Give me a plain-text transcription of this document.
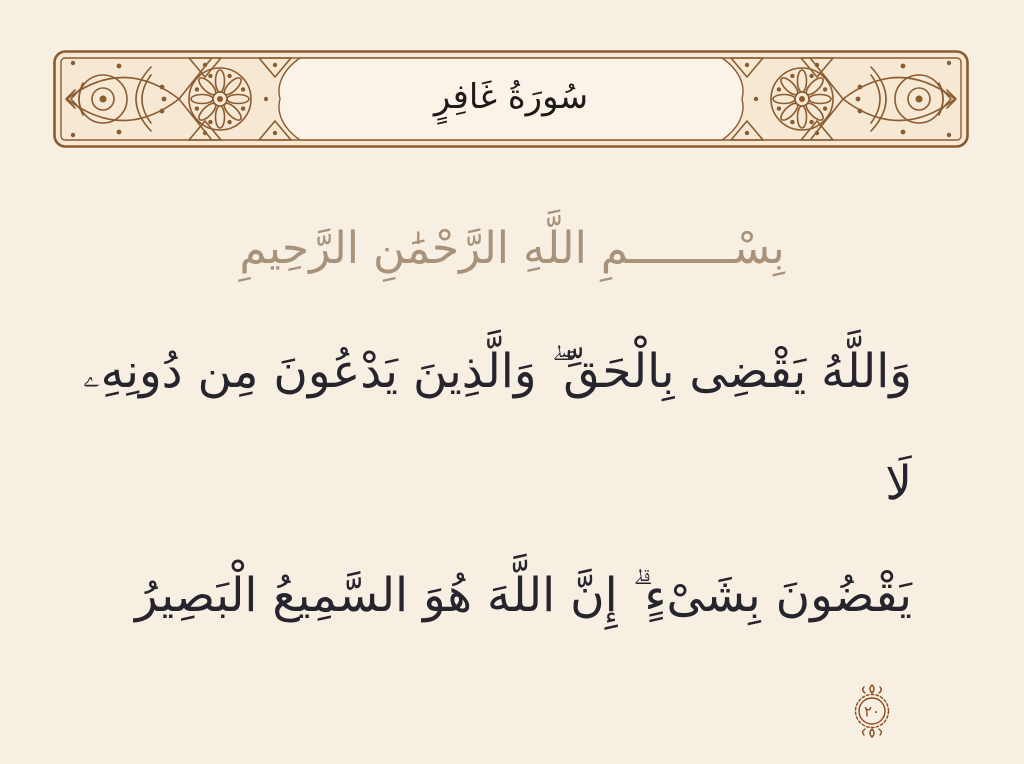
سُورَةُ غَافِرٍ
بِسْــــــــمِ اللَّهِ الرَّحْمَٰنِ الرَّحِيمِ
وَاللَّهُ يَقْضِى بِالْحَقِّ ۖ وَالَّذِينَ يَدْعُونَ مِن دُونِهِۦ لَا
يَقْضُونَ بِشَىْءٍ ۗ إِنَّ اللَّهَ هُوَ السَّمِيعُ الْبَصِيرُ
٢٠
